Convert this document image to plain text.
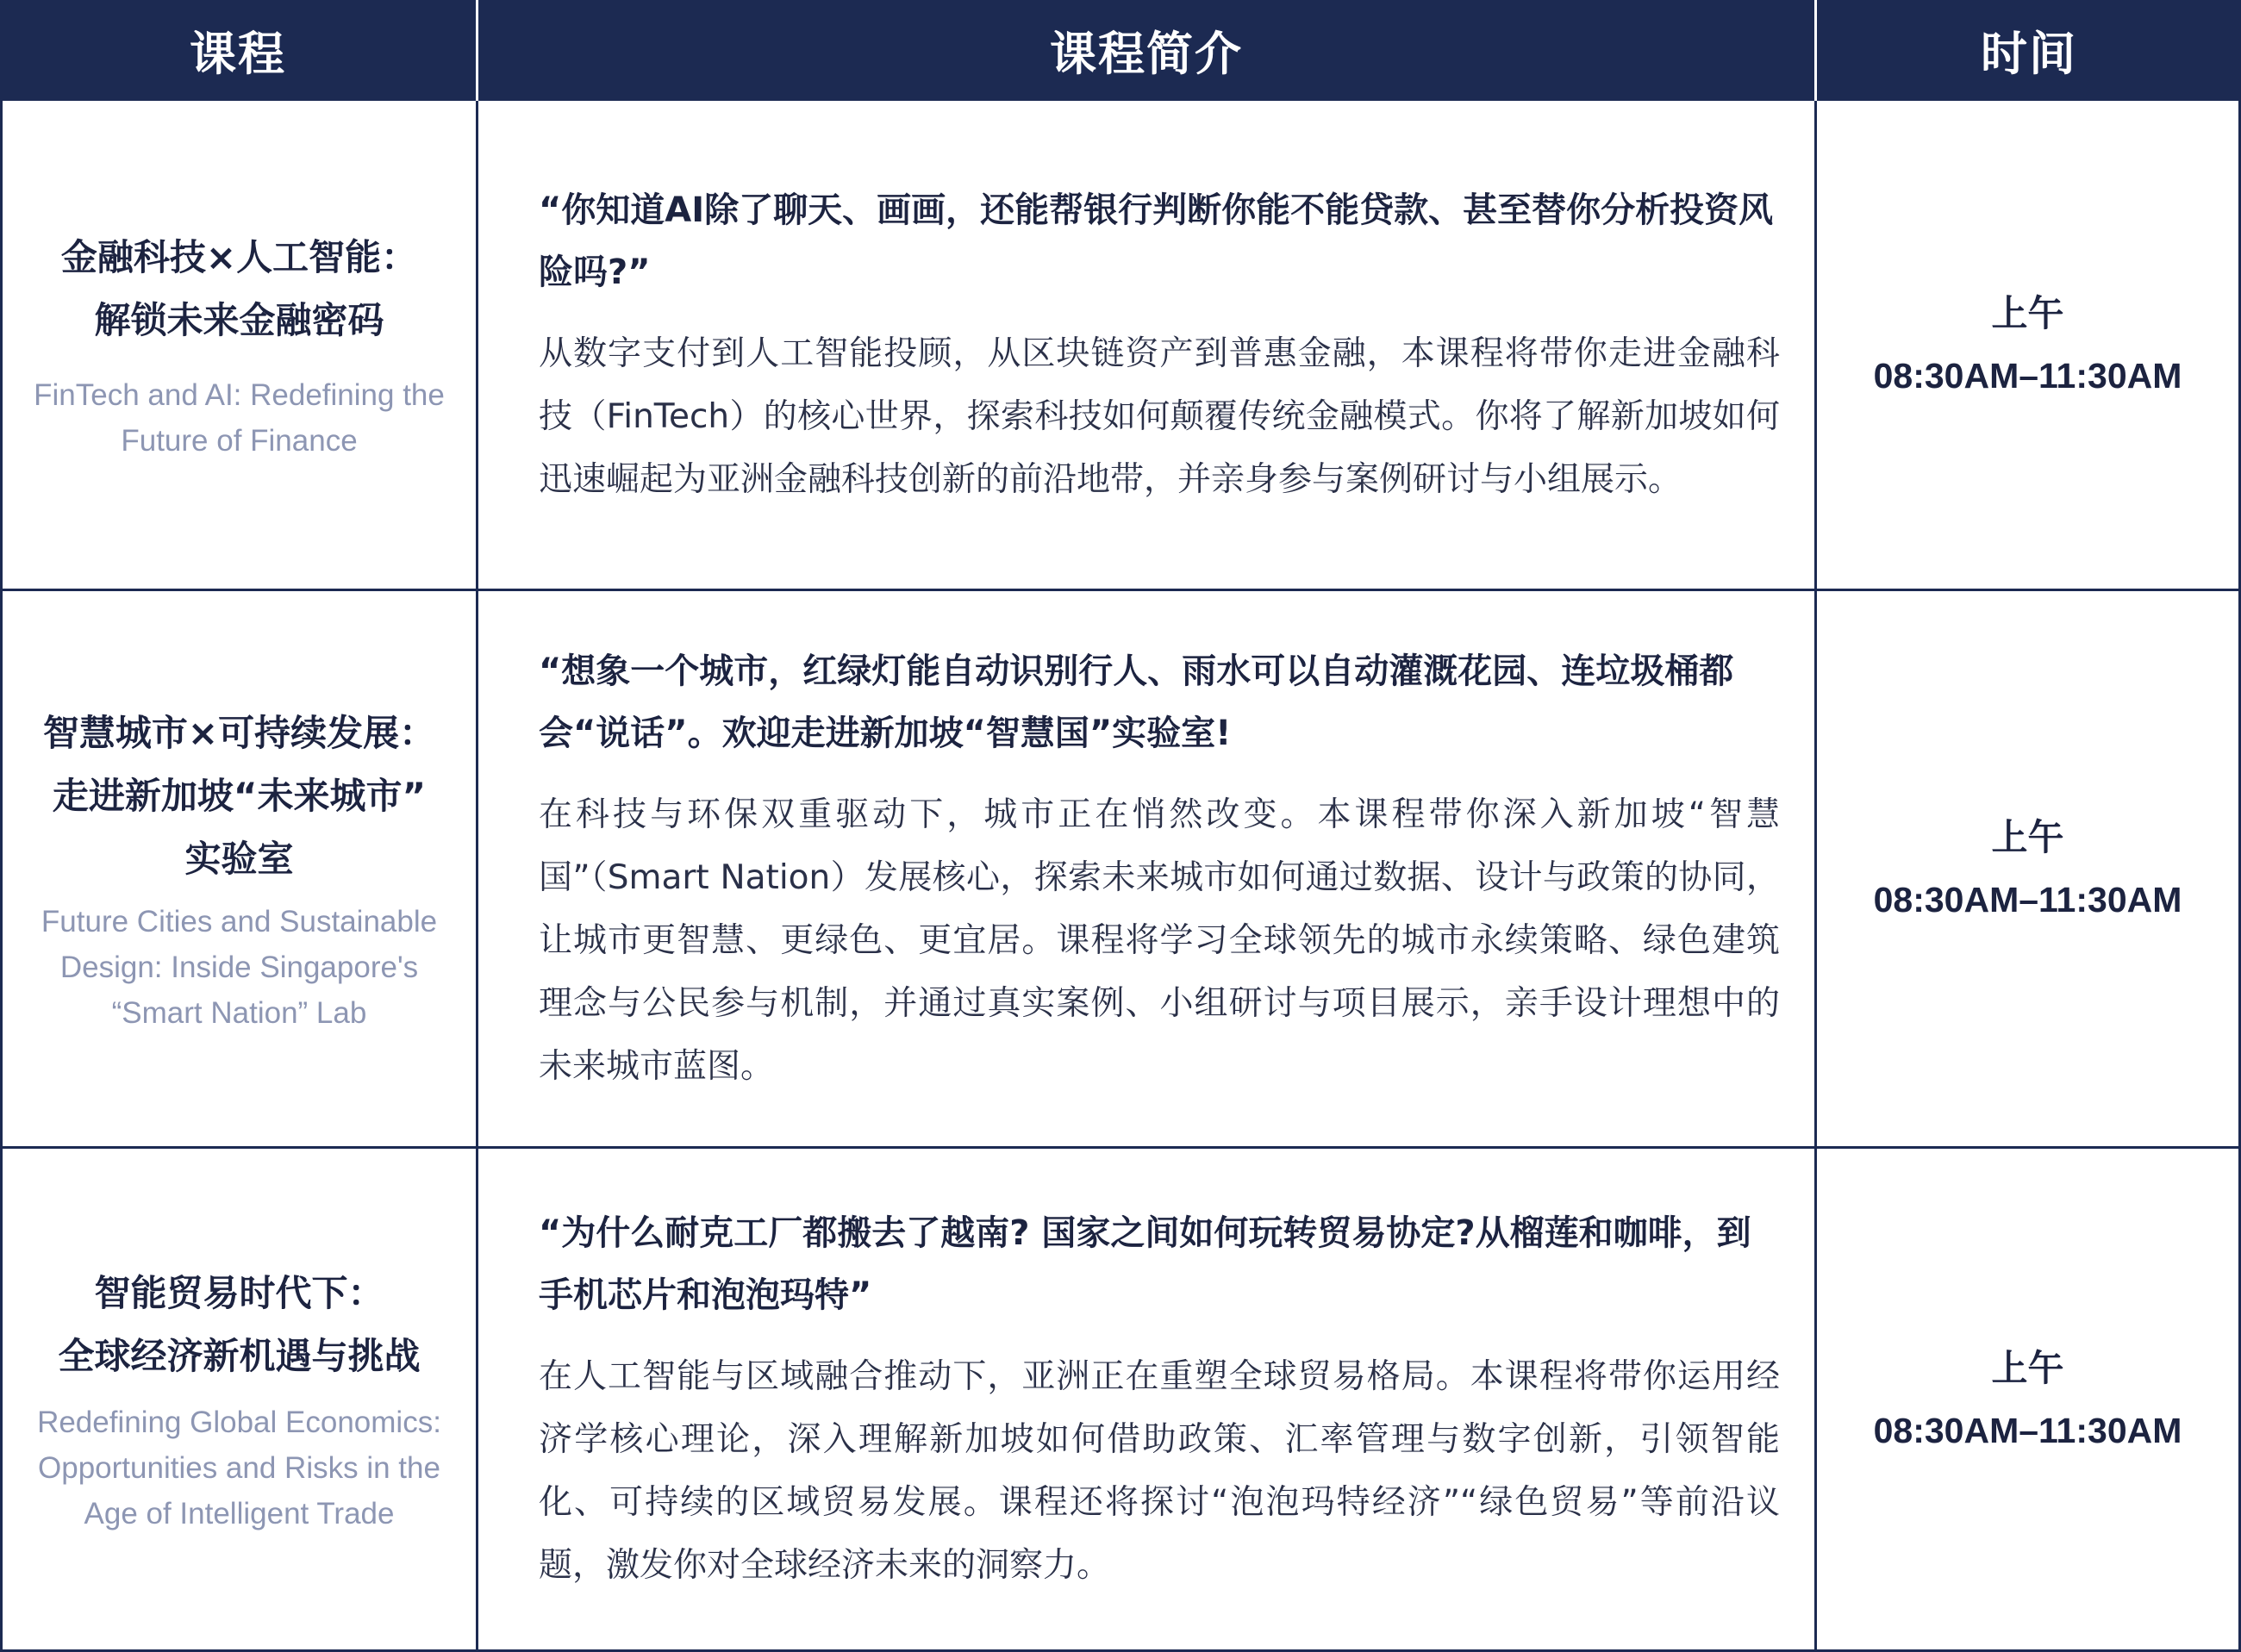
课程	课程简介	时间
金融科技×人工智能：
解锁未来金融密码
FinTech and AI: Redefining the Future of Finance
“你知道AI除了聊天、画画，还能帮银行判断你能不能贷款、甚至替你分析投资风险吗?”
从数字支付到人工智能投顾，从区块链资产到普惠金融，本课程将带你走进金融科技（FinTech）的核心世界，探索科技如何颠覆传统金融模式。你将了解新加坡如何迅速崛起为亚洲金融科技创新的前沿地带，并亲身参与案例研讨与小组展示。
上午
08:30AM–11:30AM
智慧城市×可持续发展：
走进新加坡“未来城市”
实验室
Future Cities and Sustainable Design: Inside Singapore's “Smart Nation” Lab
“想象一个城市，红绿灯能自动识别行人、雨水可以自动灌溉花园、连垃圾桶都会“说话”。欢迎走进新加坡“智慧国”实验室!
在科技与环保双重驱动下，城市正在悄然改变。本课程带你深入新加坡“智慧国”（Smart Nation）发展核心，探索未来城市如何通过数据、设计与政策的协同，让城市更智慧、更绿色、更宜居。课程将学习全球领先的城市永续策略、绿色建筑理念与公民参与机制，并通过真实案例、小组研讨与项目展示，亲手设计理想中的未来城市蓝图。
上午
08:30AM–11:30AM
智能贸易时代下：
全球经济新机遇与挑战
Redefining Global Economics: Opportunities and Risks in the Age of Intelligent Trade
“为什么耐克工厂都搬去了越南? 国家之间如何玩转贸易协定?从榴莲和咖啡，到手机芯片和泡泡玛特”
在人工智能与区域融合推动下，亚洲正在重塑全球贸易格局。本课程将带你运用经济学核心理论，深入理解新加坡如何借助政策、汇率管理与数字创新，引领智能化、可持续的区域贸易发展。课程还将探讨“泡泡玛特经济”“绿色贸易”等前沿议题，激发你对全球经济未来的洞察力。
上午
08:30AM–11:30AM
